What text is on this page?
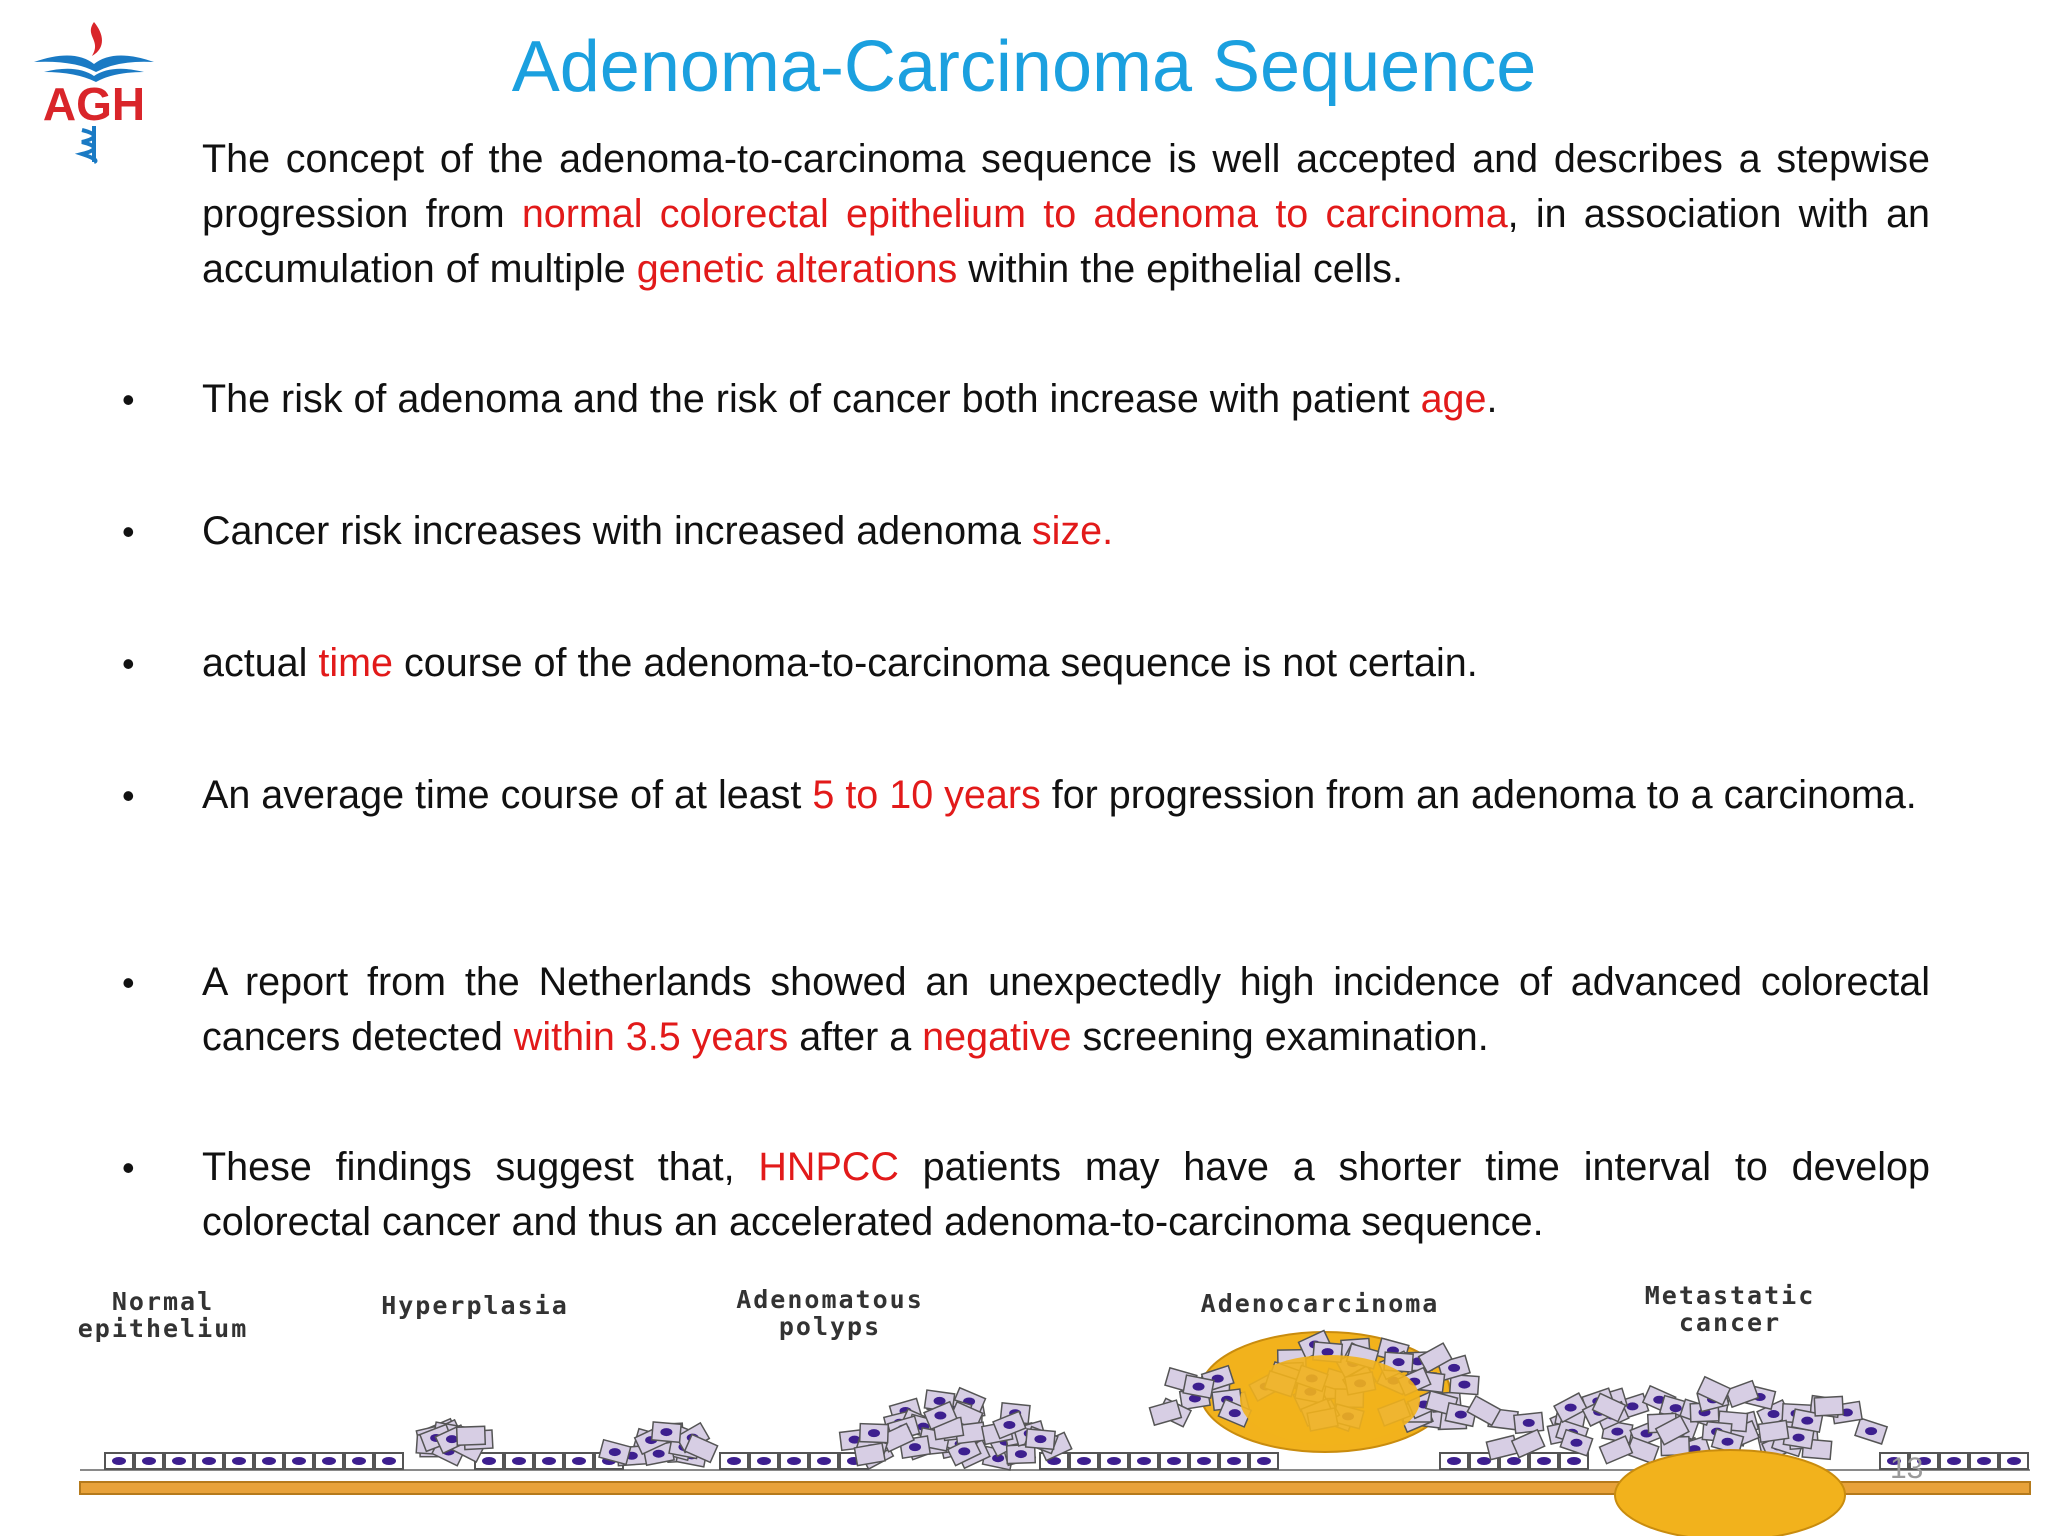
AGH	Adenoma-Carcinoma Sequence
•
•
•
•
•
•

The concept of the adenoma-to-carcinoma sequence is well accepted and describes a stepwise progression from normal colorectal epithelium to adenoma to carcinoma, in association with an accumulation of multiple genetic alterations within the epithelial cells.

The risk of adenoma and the risk of cancer both increase with patient age.

Cancer risk increases with increased adenoma size.

actual time course of the adenoma-to-carcinoma sequence is not certain.

An average time course of at least 5 to 10 years for progression from an adenoma to a carcinoma.

A report from the Netherlands showed an unexpectedly high incidence of advanced colorectal cancers detected within 3.5 years after a negative screening examination.

These findings suggest that, HNPCC patients may have a shorter time interval to develop colorectal cancer and thus an accelerated adenoma-to-carcinoma sequence.

Normal
epithelium
Hyperplasia	Adenomatous
polyps
Adenocarcinoma	Metastatic
cancer
13
